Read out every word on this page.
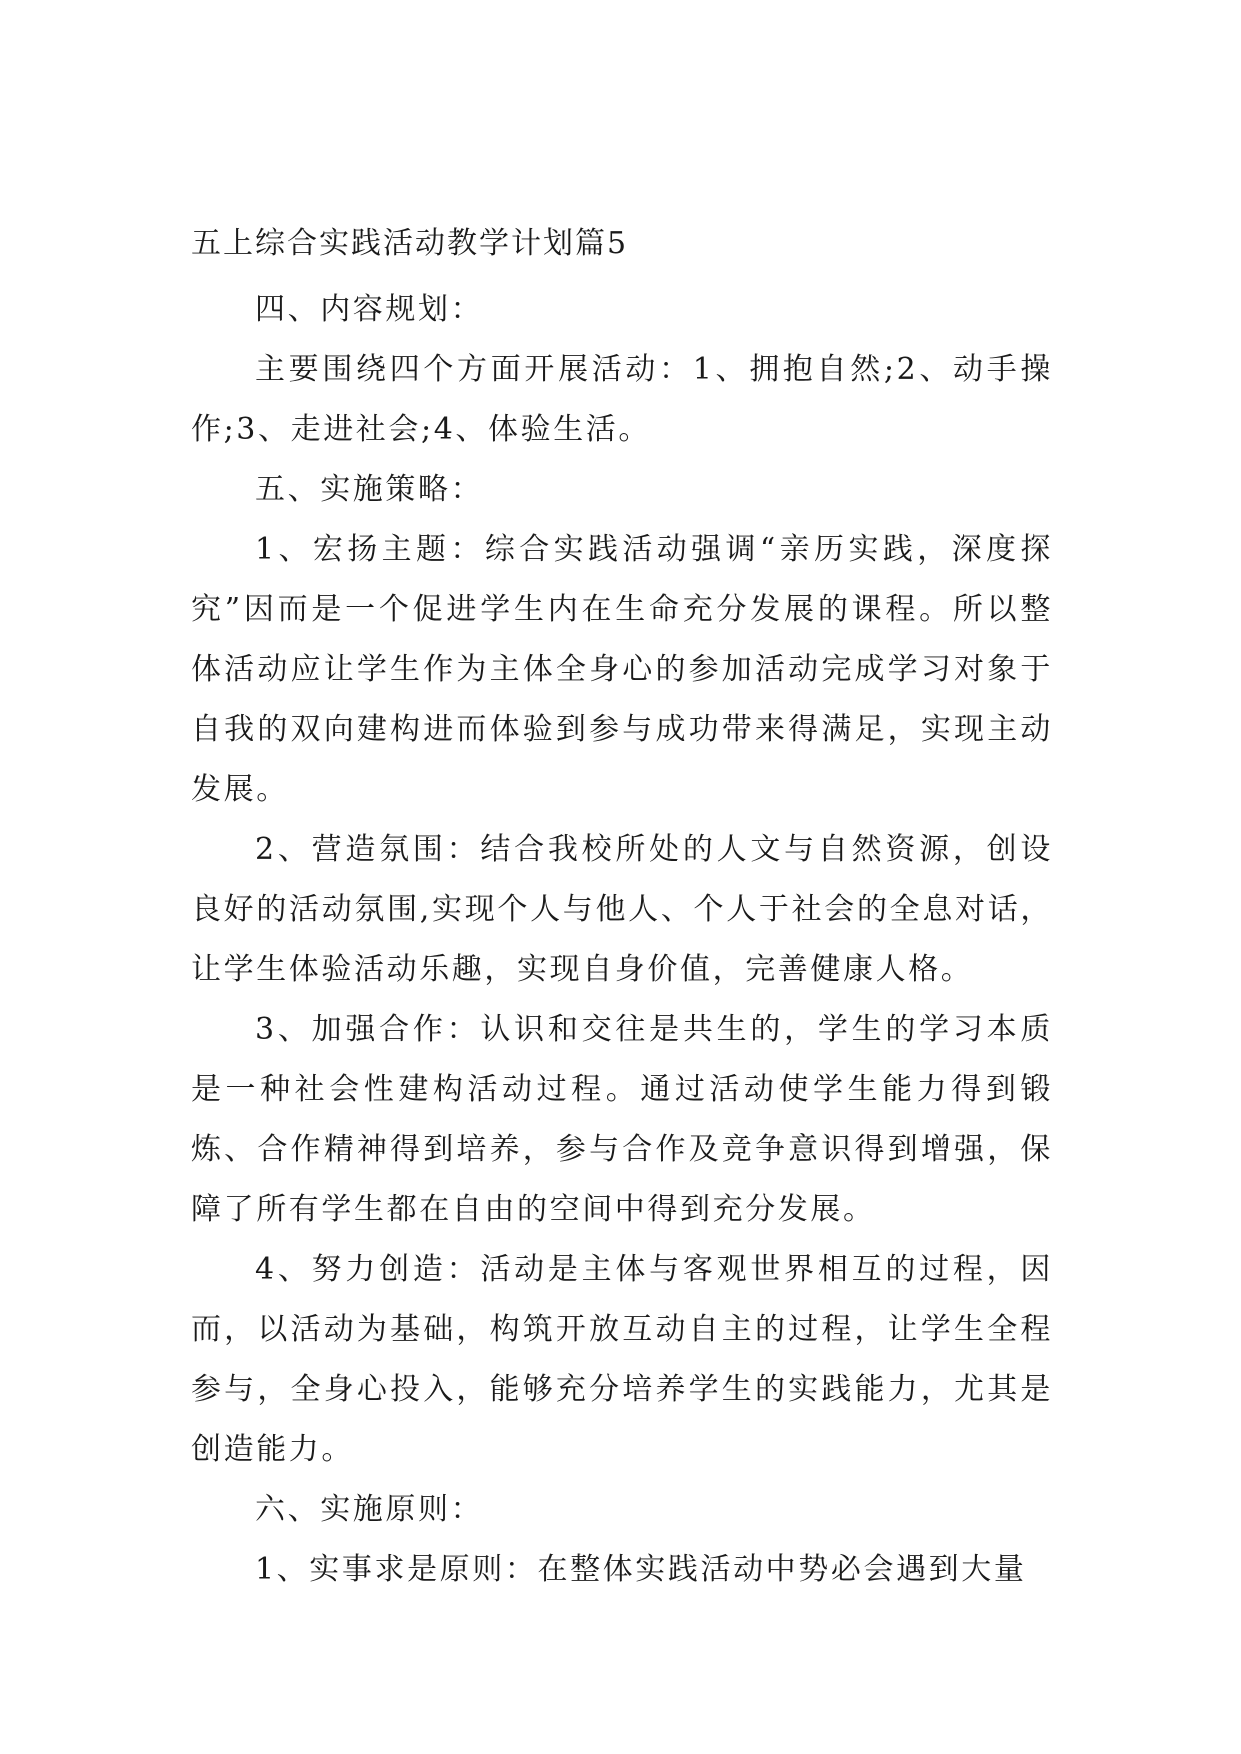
五上综合实践活动教学计划篇5

四、内容规划：

主要围绕四个方面开展活动：1、拥抱自然;2、动手操作;3、走进社会;4、体验生活。

五、实施策略：

1、宏扬主题：综合实践活动强调“亲历实践，深度探究”因而是一个促进学生内在生命充分发展的课程。所以整体活动应让学生作为主体全身心的参加活动完成学习对象于自我的双向建构进而体验到参与成功带来得满足，实现主动发展。

2、营造氛围：结合我校所处的人文与自然资源，创设良好的活动氛围,实现个人与他人、个人于社会的全息对话，让学生体验活动乐趣，实现自身价值，完善健康人格。

3、加强合作：认识和交往是共生的，学生的学习本质是一种社会性建构活动过程。通过活动使学生能力得到锻炼、合作精神得到培养，参与合作及竞争意识得到增强，保障了所有学生都在自由的空间中得到充分发展。

4、努力创造：活动是主体与客观世界相互的过程，因而，以活动为基础，构筑开放互动自主的过程，让学生全程参与，全身心投入，能够充分培养学生的实践能力，尤其是创造能力。

六、实施原则：

1、实事求是原则：在整体实践活动中势必会遇到大量
